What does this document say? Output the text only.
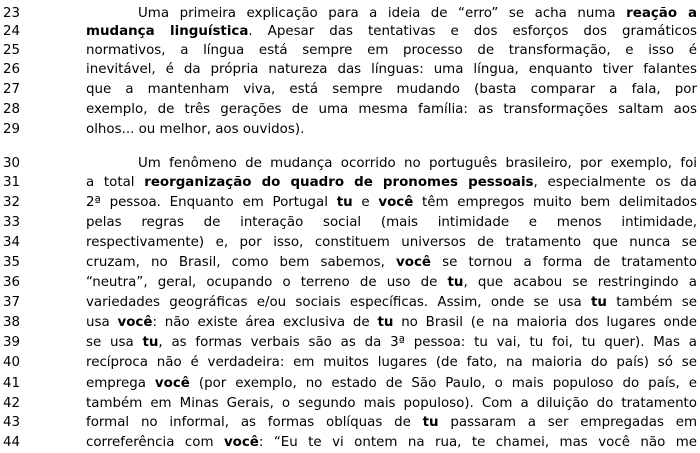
23	Uma primeira explicação para a ideia de “erro” se acha numa reação a
24	mudança linguística. Apesar das tentativas e dos esforços dos gramáticos
25	normativos, a língua está sempre em processo de transformação, e isso é
26	inevitável, é da própria natureza das línguas: uma língua, enquanto tiver falantes
27	que a mantenham viva, está sempre mudando (basta comparar a fala, por
28	exemplo, de três gerações de uma mesma família: as transformações saltam aos
29	olhos... ou melhor, aos ouvidos).
30	Um fenômeno de mudança ocorrido no português brasileiro, por exemplo, foi
31	a total reorganização do quadro de pronomes pessoais, especialmente os da
32	2ª pessoa. Enquanto em Portugal tu e você têm empregos muito bem delimitados
33	pelas regras de interação social (mais intimidade e menos intimidade,
34	respectivamente) e, por isso, constituem universos de tratamento que nunca se
35	cruzam, no Brasil, como bem sabemos, você se tornou a forma de tratamento
36	“neutra”, geral, ocupando o terreno de uso de tu, que acabou se restringindo a
37	variedades geográficas e/ou sociais específicas. Assim, onde se usa tu também se
38	usa você: não existe área exclusiva de tu no Brasil (e na maioria dos lugares onde
39	se usa tu, as formas verbais são as da 3ª pessoa: tu vai, tu foi, tu quer). Mas a
40	recíproca não é verdadeira: em muitos lugares (de fato, na maioria do país) só se
41	emprega você (por exemplo, no estado de São Paulo, o mais populoso do país, e
42	também em Minas Gerais, o segundo mais populoso). Com a diluição do tratamento
43	formal no informal, as formas oblíquas de tu passaram a ser empregadas em
44	correferência com você: “Eu te vi ontem na rua, te chamei, mas você não me
